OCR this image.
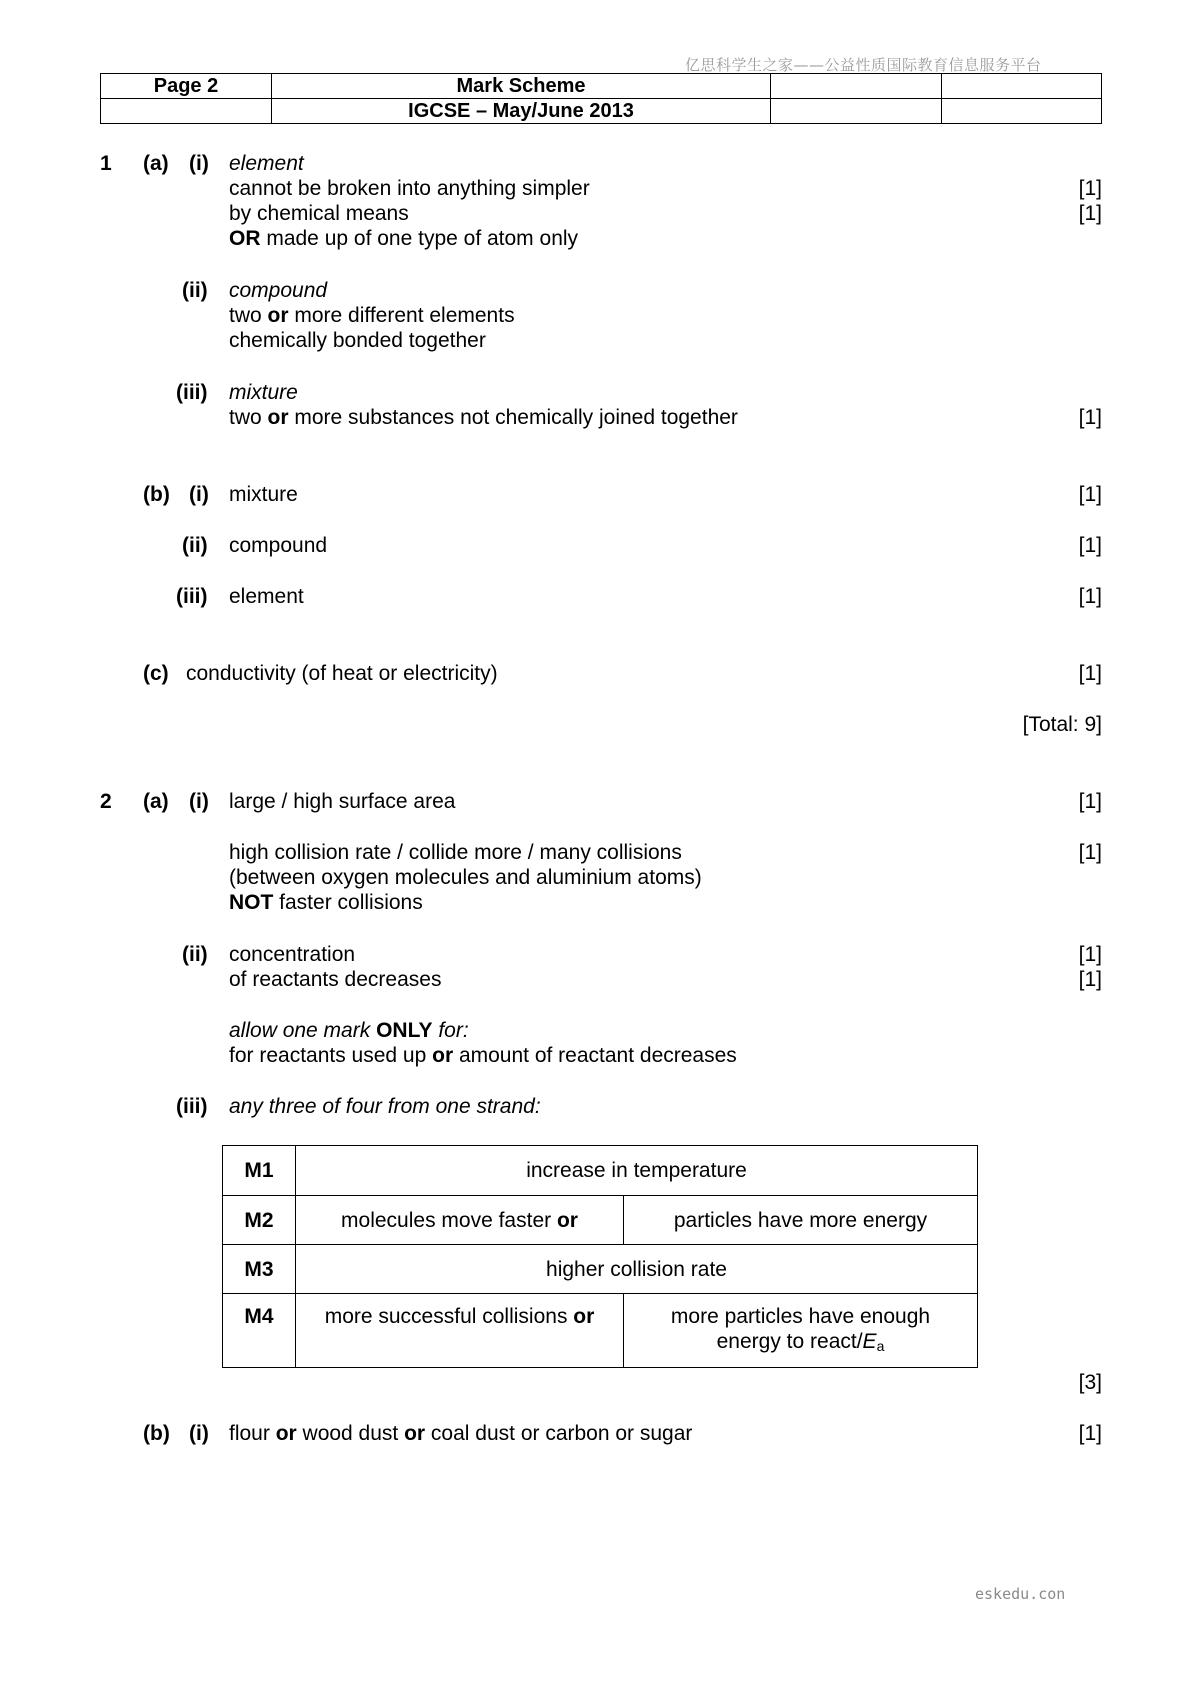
亿思科学生之家——公益性质国际教育信息服务平台
Page 2	Mark Scheme		
	IGCSE – May/June 2013		
1 (a) (i) element
cannot be broken into anything simpler	[1]
by chemical means	[1]
OR made up of one type of atom only
(ii) compound
two or more different elements
chemically bonded together
(iii) mixture
two or more substances not chemically joined together	[1]
(b) (i) mixture	[1]
(ii) compound	[1]
(iii) element	[1]
(c) conductivity (of heat or electricity)	[1]
[Total: 9]
2 (a) (i) large / high surface area	[1]
high collision rate / collide more / many collisions	[1]
(between oxygen molecules and aluminium atoms)
NOT faster collisions
(ii) concentration	[1]
of reactants decreases	[1]
allow one mark ONLY for:
for reactants used up or amount of reactant decreases
(iii) any three of four from one strand:
M1	increase in temperature	
M2	molecules move faster or	particles have more energy
M3	higher collision rate	
M4	more successful collisions or	more particles have enough
energy to react/$E_a$
[3]
(b) (i) flour or wood dust or coal dust or carbon or sugar	[1]
eskedu.con
